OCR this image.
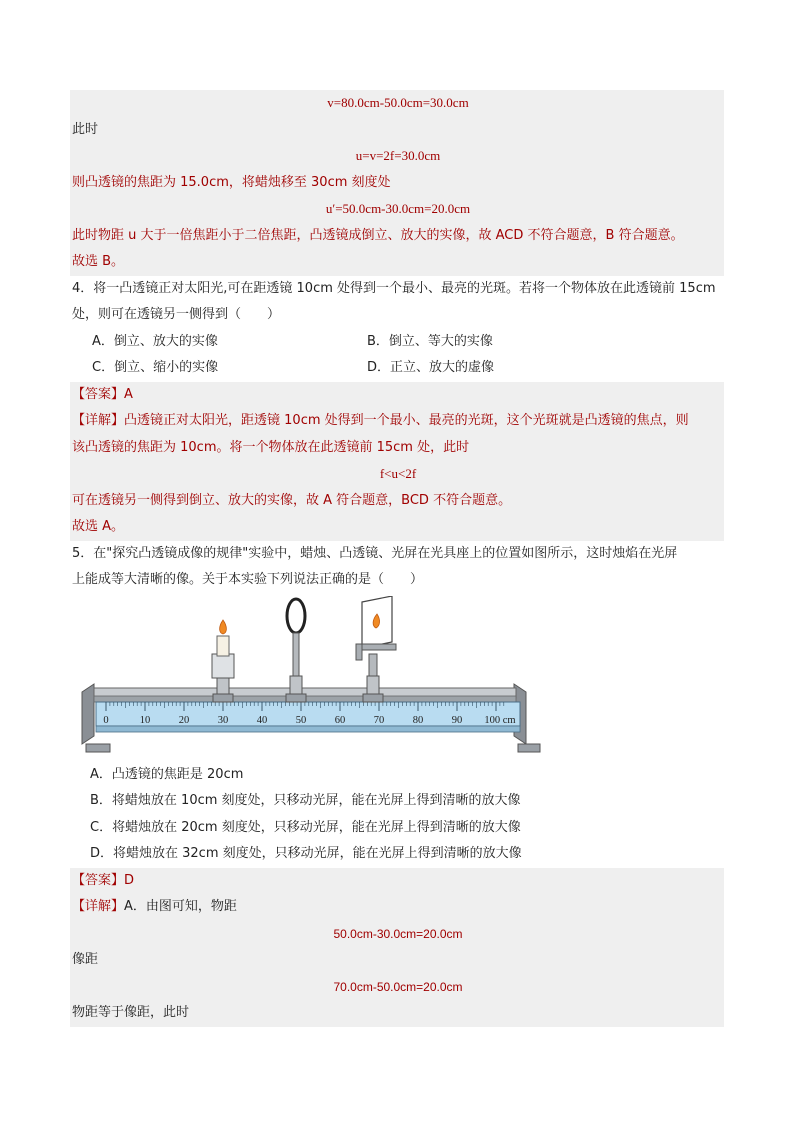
v=80.0cm-50.0cm=30.0cm
此时
u=v=2f=30.0cm
则凸透镜的焦距为 15.0cm，将蜡烛移至 30cm 刻度处
u′=50.0cm-30.0cm=20.0cm
此时物距 u 大于一倍焦距小于二倍焦距，凸透镜成倒立、放大的实像，故 ACD 不符合题意，B 符合题意。
故选 B。
4．将一凸透镜正对太阳光,可在距透镜 10cm 处得到一个最小、最亮的光斑。若将一个物体放在此透镜前 15cm
处，则可在透镜另一侧得到（　　）
A．倒立、放大的实像	B．倒立、等大的实像
C．倒立、缩小的实像	D．正立、放大的虚像
【答案】A
【详解】凸透镜正对太阳光，距透镜 10cm 处得到一个最小、最亮的光斑，这个光斑就是凸透镜的焦点，则
该凸透镜的焦距为 10cm。将一个物体放在此透镜前 15cm 处，此时
f<u<2f
可在透镜另一侧得到倒立、放大的实像，故 A 符合题意，BCD 不符合题意。
故选 A。
5．在"探究凸透镜成像的规律"实验中，蜡烛、凸透镜、光屏在光具座上的位置如图所示，这时烛焰在光屏
上能成等大清晰的像。关于本实验下列说法正确的是（　　）
0	10	20	30	40	50	60	70	80	90 100 cm
A．凸透镜的焦距是 20cm
B．将蜡烛放在 10cm 刻度处，只移动光屏，能在光屏上得到清晰的放大像
C．将蜡烛放在 20cm 刻度处，只移动光屏，能在光屏上得到清晰的放大像
D．将蜡烛放在 32cm 刻度处，只移动光屏，能在光屏上得到清晰的放大像
【答案】D
【详解】A．由图可知，物距
50.0cm-30.0cm=20.0cm
像距
70.0cm-50.0cm=20.0cm
物距等于像距，此时
